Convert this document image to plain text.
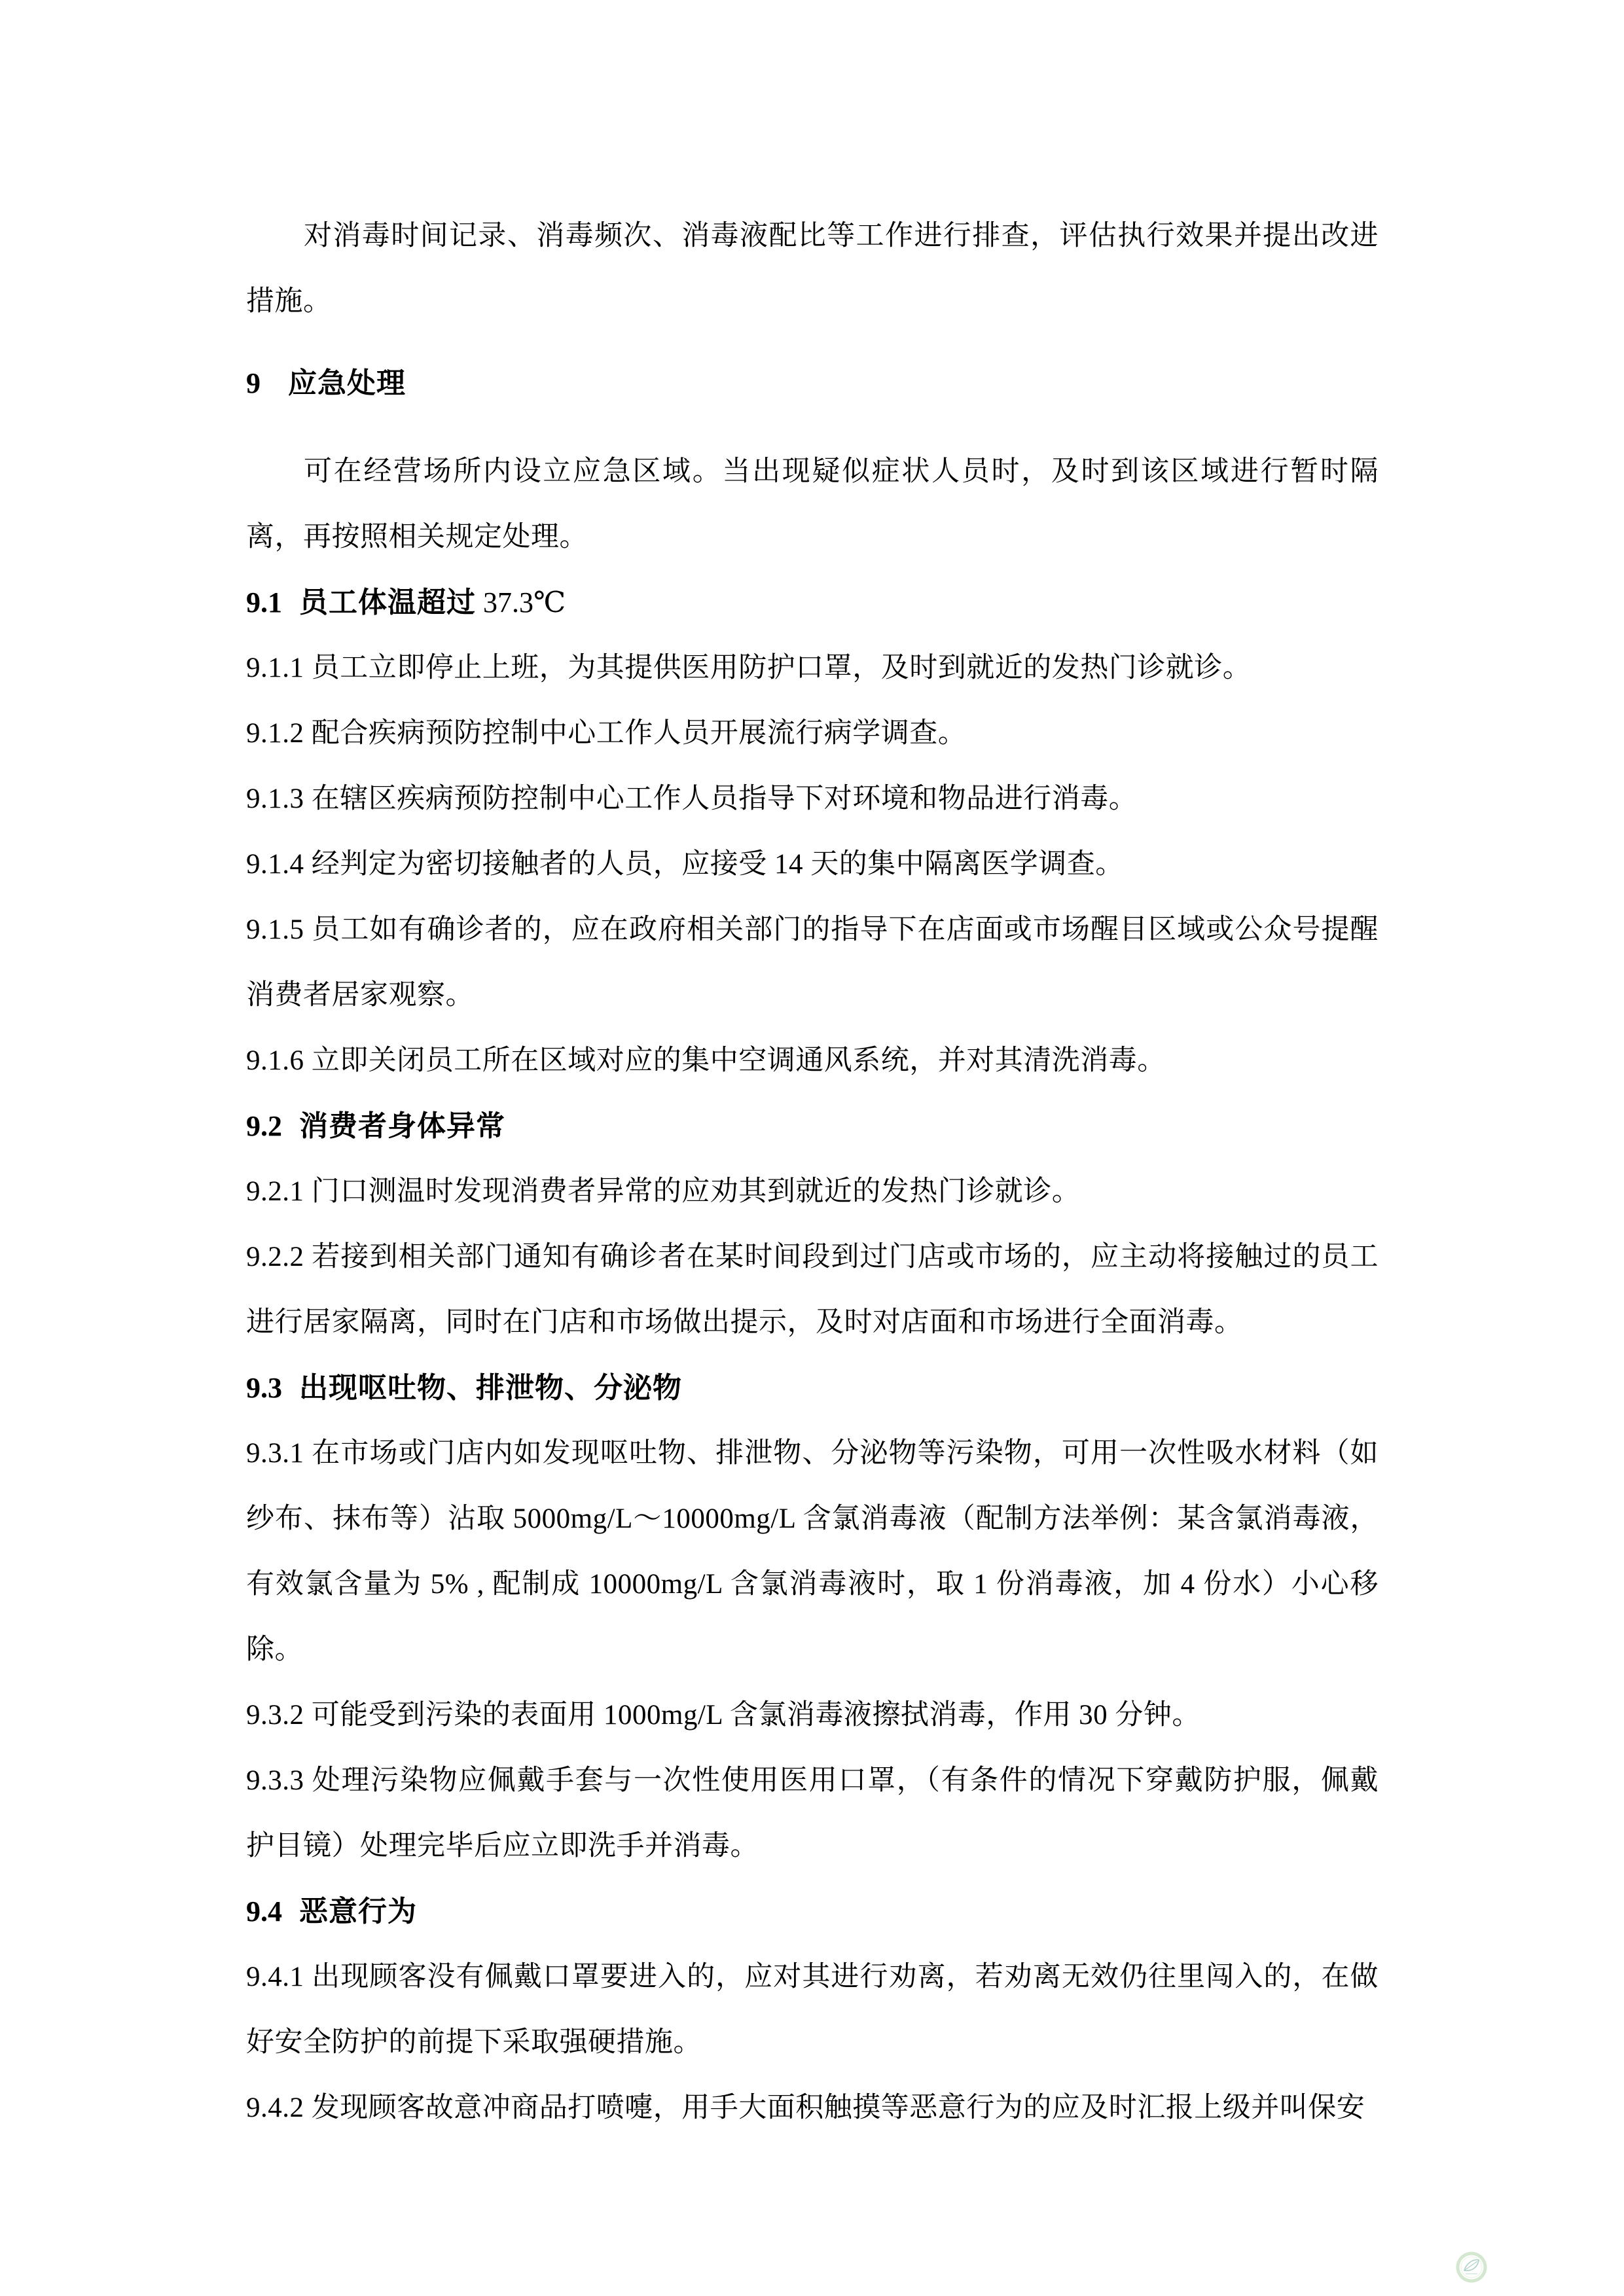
对消毒时间记录、消毒频次、消毒液配比等工作进行排查，评估执行效果并提出改进措施。

9 应急处理

可在经营场所内设立应急区域。当出现疑似症状人员时，及时到该区域进行暂时隔离，再按照相关规定处理。

9.1 员工体温超过 37.3℃

9.1.1 员工立即停止上班，为其提供医用防护口罩，及时到就近的发热门诊就诊。

9.1.2 配合疾病预防控制中心工作人员开展流行病学调查。

9.1.3 在辖区疾病预防控制中心工作人员指导下对环境和物品进行消毒。

9.1.4 经判定为密切接触者的人员，应接受 14 天的集中隔离医学调查。

9.1.5 员工如有确诊者的，应在政府相关部门的指导下在店面或市场醒目区域或公众号提醒消费者居家观察。

9.1.6 立即关闭员工所在区域对应的集中空调通风系统，并对其清洗消毒。

9.2 消费者身体异常

9.2.1 门口测温时发现消费者异常的应劝其到就近的发热门诊就诊。

9.2.2 若接到相关部门通知有确诊者在某时间段到过门店或市场的，应主动将接触过的员工进行居家隔离，同时在门店和市场做出提示，及时对店面和市场进行全面消毒。

9.3 出现呕吐物、排泄物、分泌物

9.3.1 在市场或门店内如发现呕吐物、排泄物、分泌物等污染物，可用一次性吸水材料（如纱布、抹布等）沾取 5000mg/L～10000mg/L 含氯消毒液（配制方法举例：某含氯消毒液，有效氯含量为 5% , 配制成 10000mg/L 含氯消毒液时，取 1 份消毒液，加 4 份水）小心移除。

9.3.2 可能受到污染的表面用 1000mg/L 含氯消毒液擦拭消毒，作用 30 分钟。

9.3.3 处理污染物应佩戴手套与一次性使用医用口罩，（有条件的情况下穿戴防护服，佩戴护目镜）处理完毕后应立即洗手并消毒。

9.4 恶意行为

9.4.1 出现顾客没有佩戴口罩要进入的，应对其进行劝离，若劝离无效仍往里闯入的，在做好安全防护的前提下采取强硬措施。

9.4.2 发现顾客故意冲商品打喷嚏，用手大面积触摸等恶意行为的应及时汇报上级并叫保安
